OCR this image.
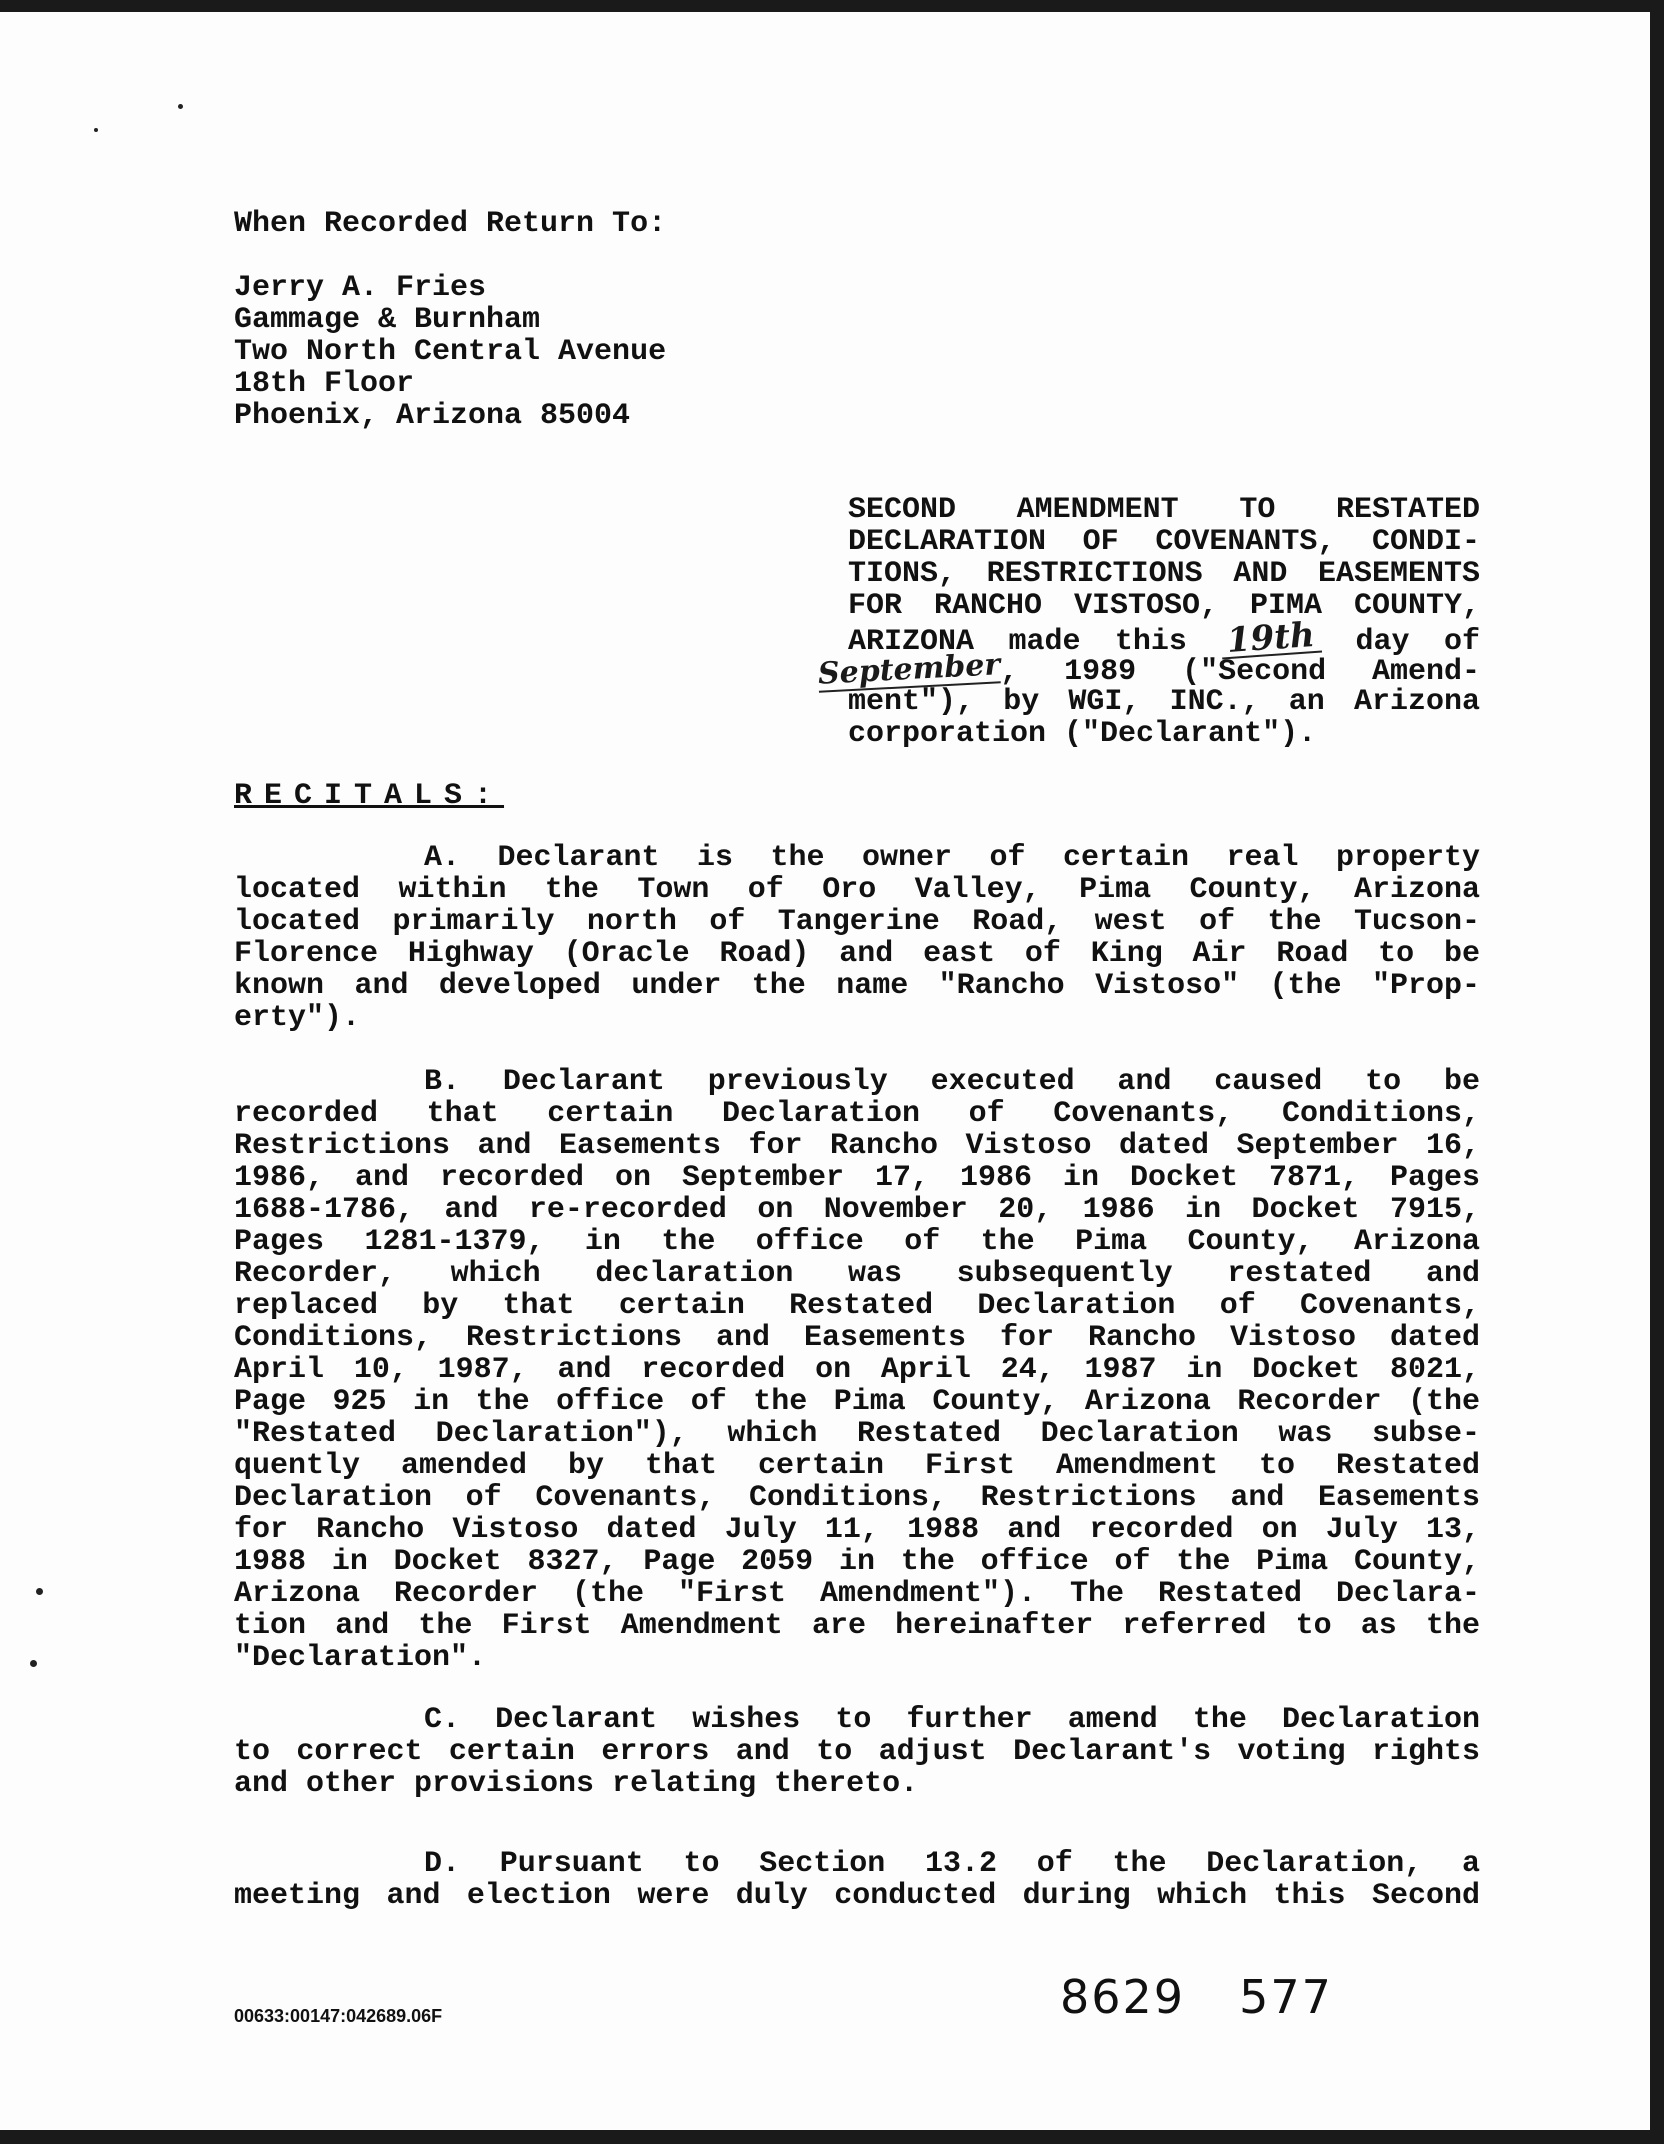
When Recorded Return To:
Jerry A. Fries
Gammage & Burnham
Two North Central Avenue
18th Floor
Phoenix, Arizona 85004
SECOND AMENDMENT TO RESTATED
DECLARATION OF COVENANTS, CONDI-
TIONS, RESTRICTIONS AND EASEMENTS
FOR RANCHO VISTOSO, PIMA COUNTY,
ARIZONA made this 19th day of
September, 1989 ("Second Amend-
ment"), by WGI, INC., an Arizona
corporation ("Declarant").
RECITALS:
A. Declarant is the owner of certain real property
located within the Town of Oro Valley, Pima County, Arizona
located primarily north of Tangerine Road, west of the Tucson-
Florence Highway (Oracle Road) and east of King Air Road to be
known and developed under the name "Rancho Vistoso" (the "Prop-
erty").
B. Declarant previously executed and caused to be
recorded that certain Declaration of Covenants, Conditions,
Restrictions and Easements for Rancho Vistoso dated September 16,
1986, and recorded on September 17, 1986 in Docket 7871, Pages
1688-1786, and re-recorded on November 20, 1986 in Docket 7915,
Pages 1281-1379, in the office of the Pima County, Arizona
Recorder, which declaration was subsequently restated and
replaced by that certain Restated Declaration of Covenants,
Conditions, Restrictions and Easements for Rancho Vistoso dated
April 10, 1987, and recorded on April 24, 1987 in Docket 8021,
Page 925 in the office of the Pima County, Arizona Recorder (the
"Restated Declaration"), which Restated Declaration was subse-
quently amended by that certain First Amendment to Restated
Declaration of Covenants, Conditions, Restrictions and Easements
for Rancho Vistoso dated July 11, 1988 and recorded on July 13,
1988 in Docket 8327, Page 2059 in the office of the Pima County,
Arizona Recorder (the "First Amendment"). The Restated Declara-
tion and the First Amendment are hereinafter referred to as the
"Declaration".
C. Declarant wishes to further amend the Declaration
to correct certain errors and to adjust Declarant's voting rights
and other provisions relating thereto.
D. Pursuant to Section 13.2 of the Declaration, a
meeting and election were duly conducted during which this Second
00633:00147:042689.06F	8629 577
